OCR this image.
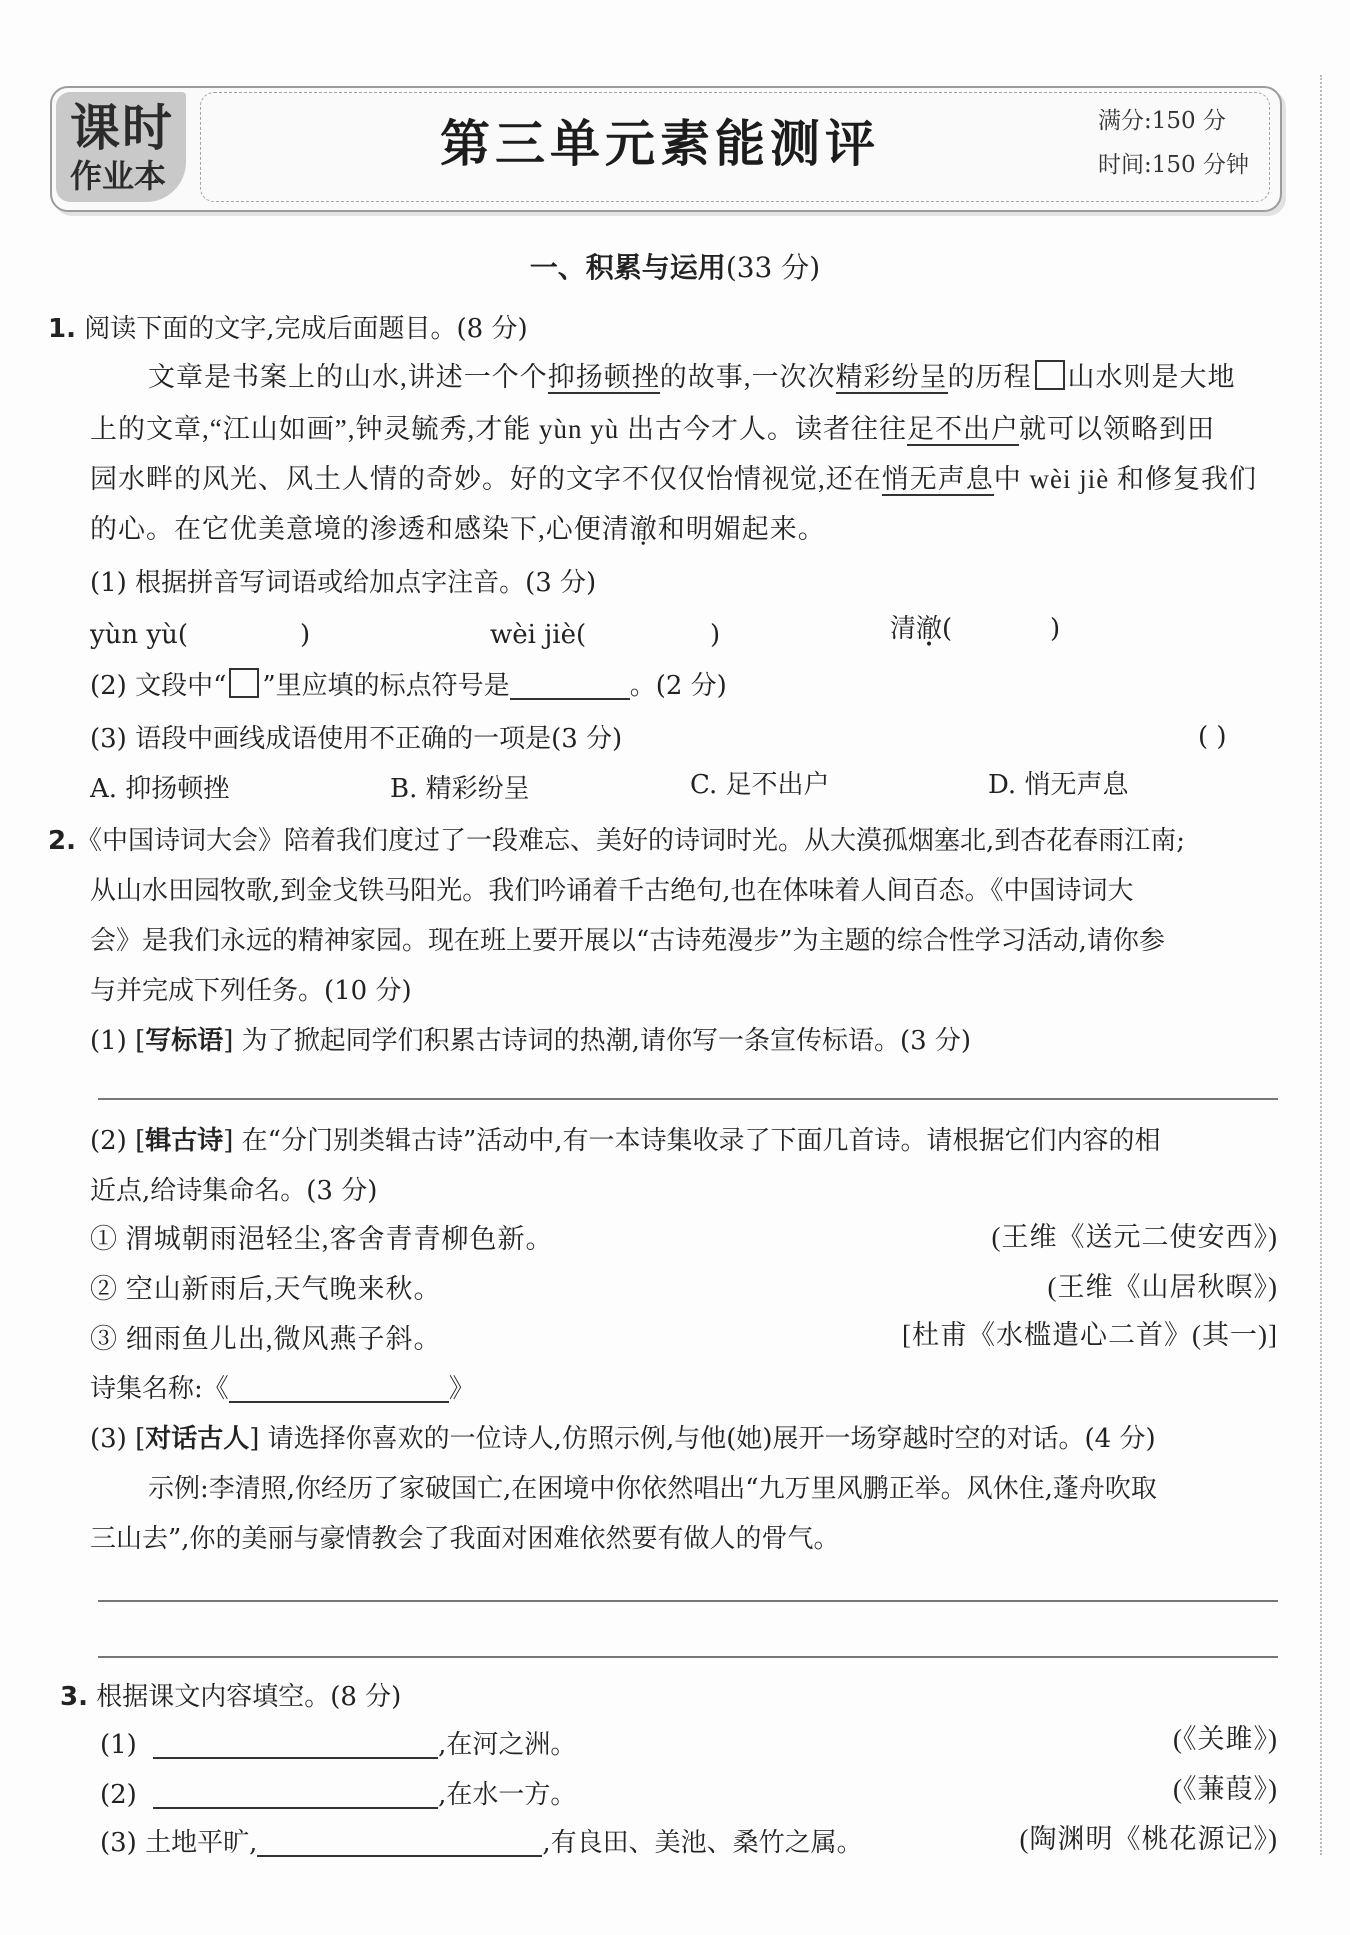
课时
作业本
第三单元素能测评	满分:150 分
时间:150 分钟
一、积累与运用(33 分)
1. 阅读下面的文字,完成后面题目。(8 分)
文章是书案上的山水,讲述一个个抑扬顿挫的故事,一次次精彩纷呈的历程 山水则是大地
上的文章,“江山如画”,钟灵毓秀,才能 yùn yù 出古今才人。读者往往足不出户就可以领略到田
园水畔的风光、风土人情的奇妙。好的文字不仅仅怡情视觉,还在悄无声息中 wèi jiè 和修复我们
的心。在它优美意境的渗透和感染下,心便清澈和明媚起来。
(1) 根据拼音写词语或给加点字注音。(3 分)
yùn yù(	)	wèi jiè(	)	清澈(	)
(2) 文段中“ ”里应填的标点符号是	。(2 分)
(3) 语段中画线成语使用不正确的一项是(3 分)	( )
A. 抑扬顿挫	B. 精彩纷呈	C. 足不出户	D. 悄无声息
2.《中国诗词大会》陪着我们度过了一段难忘、美好的诗词时光。从大漠孤烟塞北,到杏花春雨江南;
从山水田园牧歌,到金戈铁马阳光。我们吟诵着千古绝句,也在体味着人间百态。《中国诗词大
会》是我们永远的精神家园。现在班上要开展以“古诗苑漫步”为主题的综合性学习活动,请你参
与并完成下列任务。(10 分)
(1) [写标语] 为了掀起同学们积累古诗词的热潮,请你写一条宣传标语。(3 分)
(2) [辑古诗] 在“分门别类辑古诗”活动中,有一本诗集收录了下面几首诗。请根据它们内容的相
近点,给诗集命名。(3 分)
① 渭城朝雨浥轻尘,客舍青青柳色新。	(王维《送元二使安西》)
② 空山新雨后,天气晚来秋。	(王维《山居秋暝》)
③ 细雨鱼儿出,微风燕子斜。	[杜甫《水槛遣心二首》(其一)]
诗集名称:《	》
(3) [对话古人] 请选择你喜欢的一位诗人,仿照示例,与他(她)展开一场穿越时空的对话。(4 分)
示例:李清照,你经历了家破国亡,在困境中你依然唱出“九万里风鹏正举。风休住,蓬舟吹取
三山去”,你的美丽与豪情教会了我面对困难依然要有做人的骨气。
3. 根据课文内容填空。(8 分)
(1)	,在河之洲。	(《关雎》)
(2)	,在水一方。	(《蒹葭》)
(3) 土地平旷,	,有良田、美池、桑竹之属。	(陶渊明《桃花源记》)
